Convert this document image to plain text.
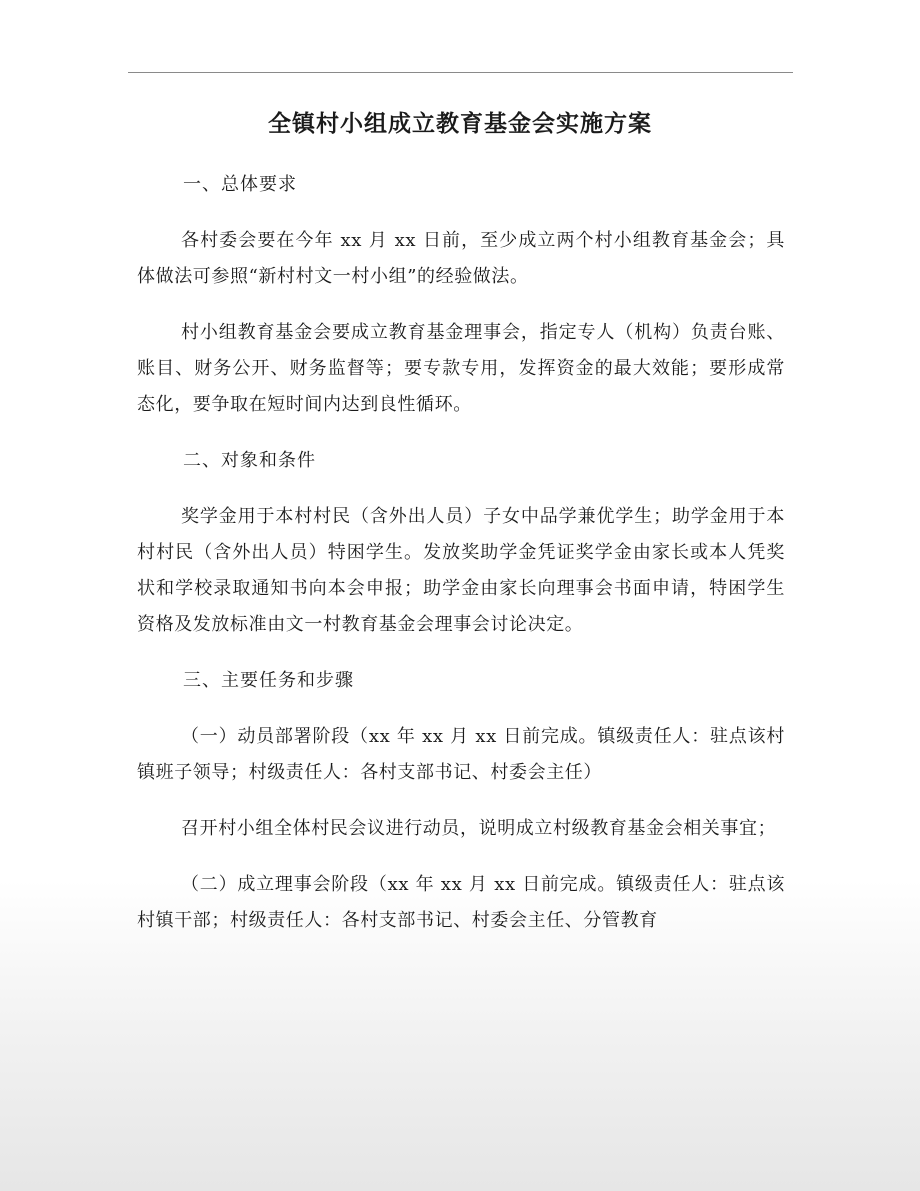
全镇村小组成立教育基金会实施方案

一、总体要求

各村委会要在今年 xx 月 xx 日前，至少成立两个村小组教育基金会；具体做法可参照“新村村文一村小组”的经验做法。

村小组教育基金会要成立教育基金理事会，指定专人（机构）负责台账、账目、财务公开、财务监督等；要专款专用，发挥资金的最大效能；要形成常态化，要争取在短时间内达到良性循环。

二、对象和条件

奖学金用于本村村民（含外出人员）子女中品学兼优学生；助学金用于本村村民（含外出人员）特困学生。发放奖助学金凭证奖学金由家长或本人凭奖状和学校录取通知书向本会申报；助学金由家长向理事会书面申请，特困学生资格及发放标准由文一村教育基金会理事会讨论决定。

三、主要任务和步骤

（一）动员部署阶段（xx 年 xx 月 xx 日前完成。镇级责任人：驻点该村镇班子领导；村级责任人：各村支部书记、村委会主任）

召开村小组全体村民会议进行动员，说明成立村级教育基金会相关事宜；

（二）成立理事会阶段（xx 年 xx 月 xx 日前完成。镇级责任人：驻点该村镇干部；村级责任人：各村支部书记、村委会主任、分管教育
